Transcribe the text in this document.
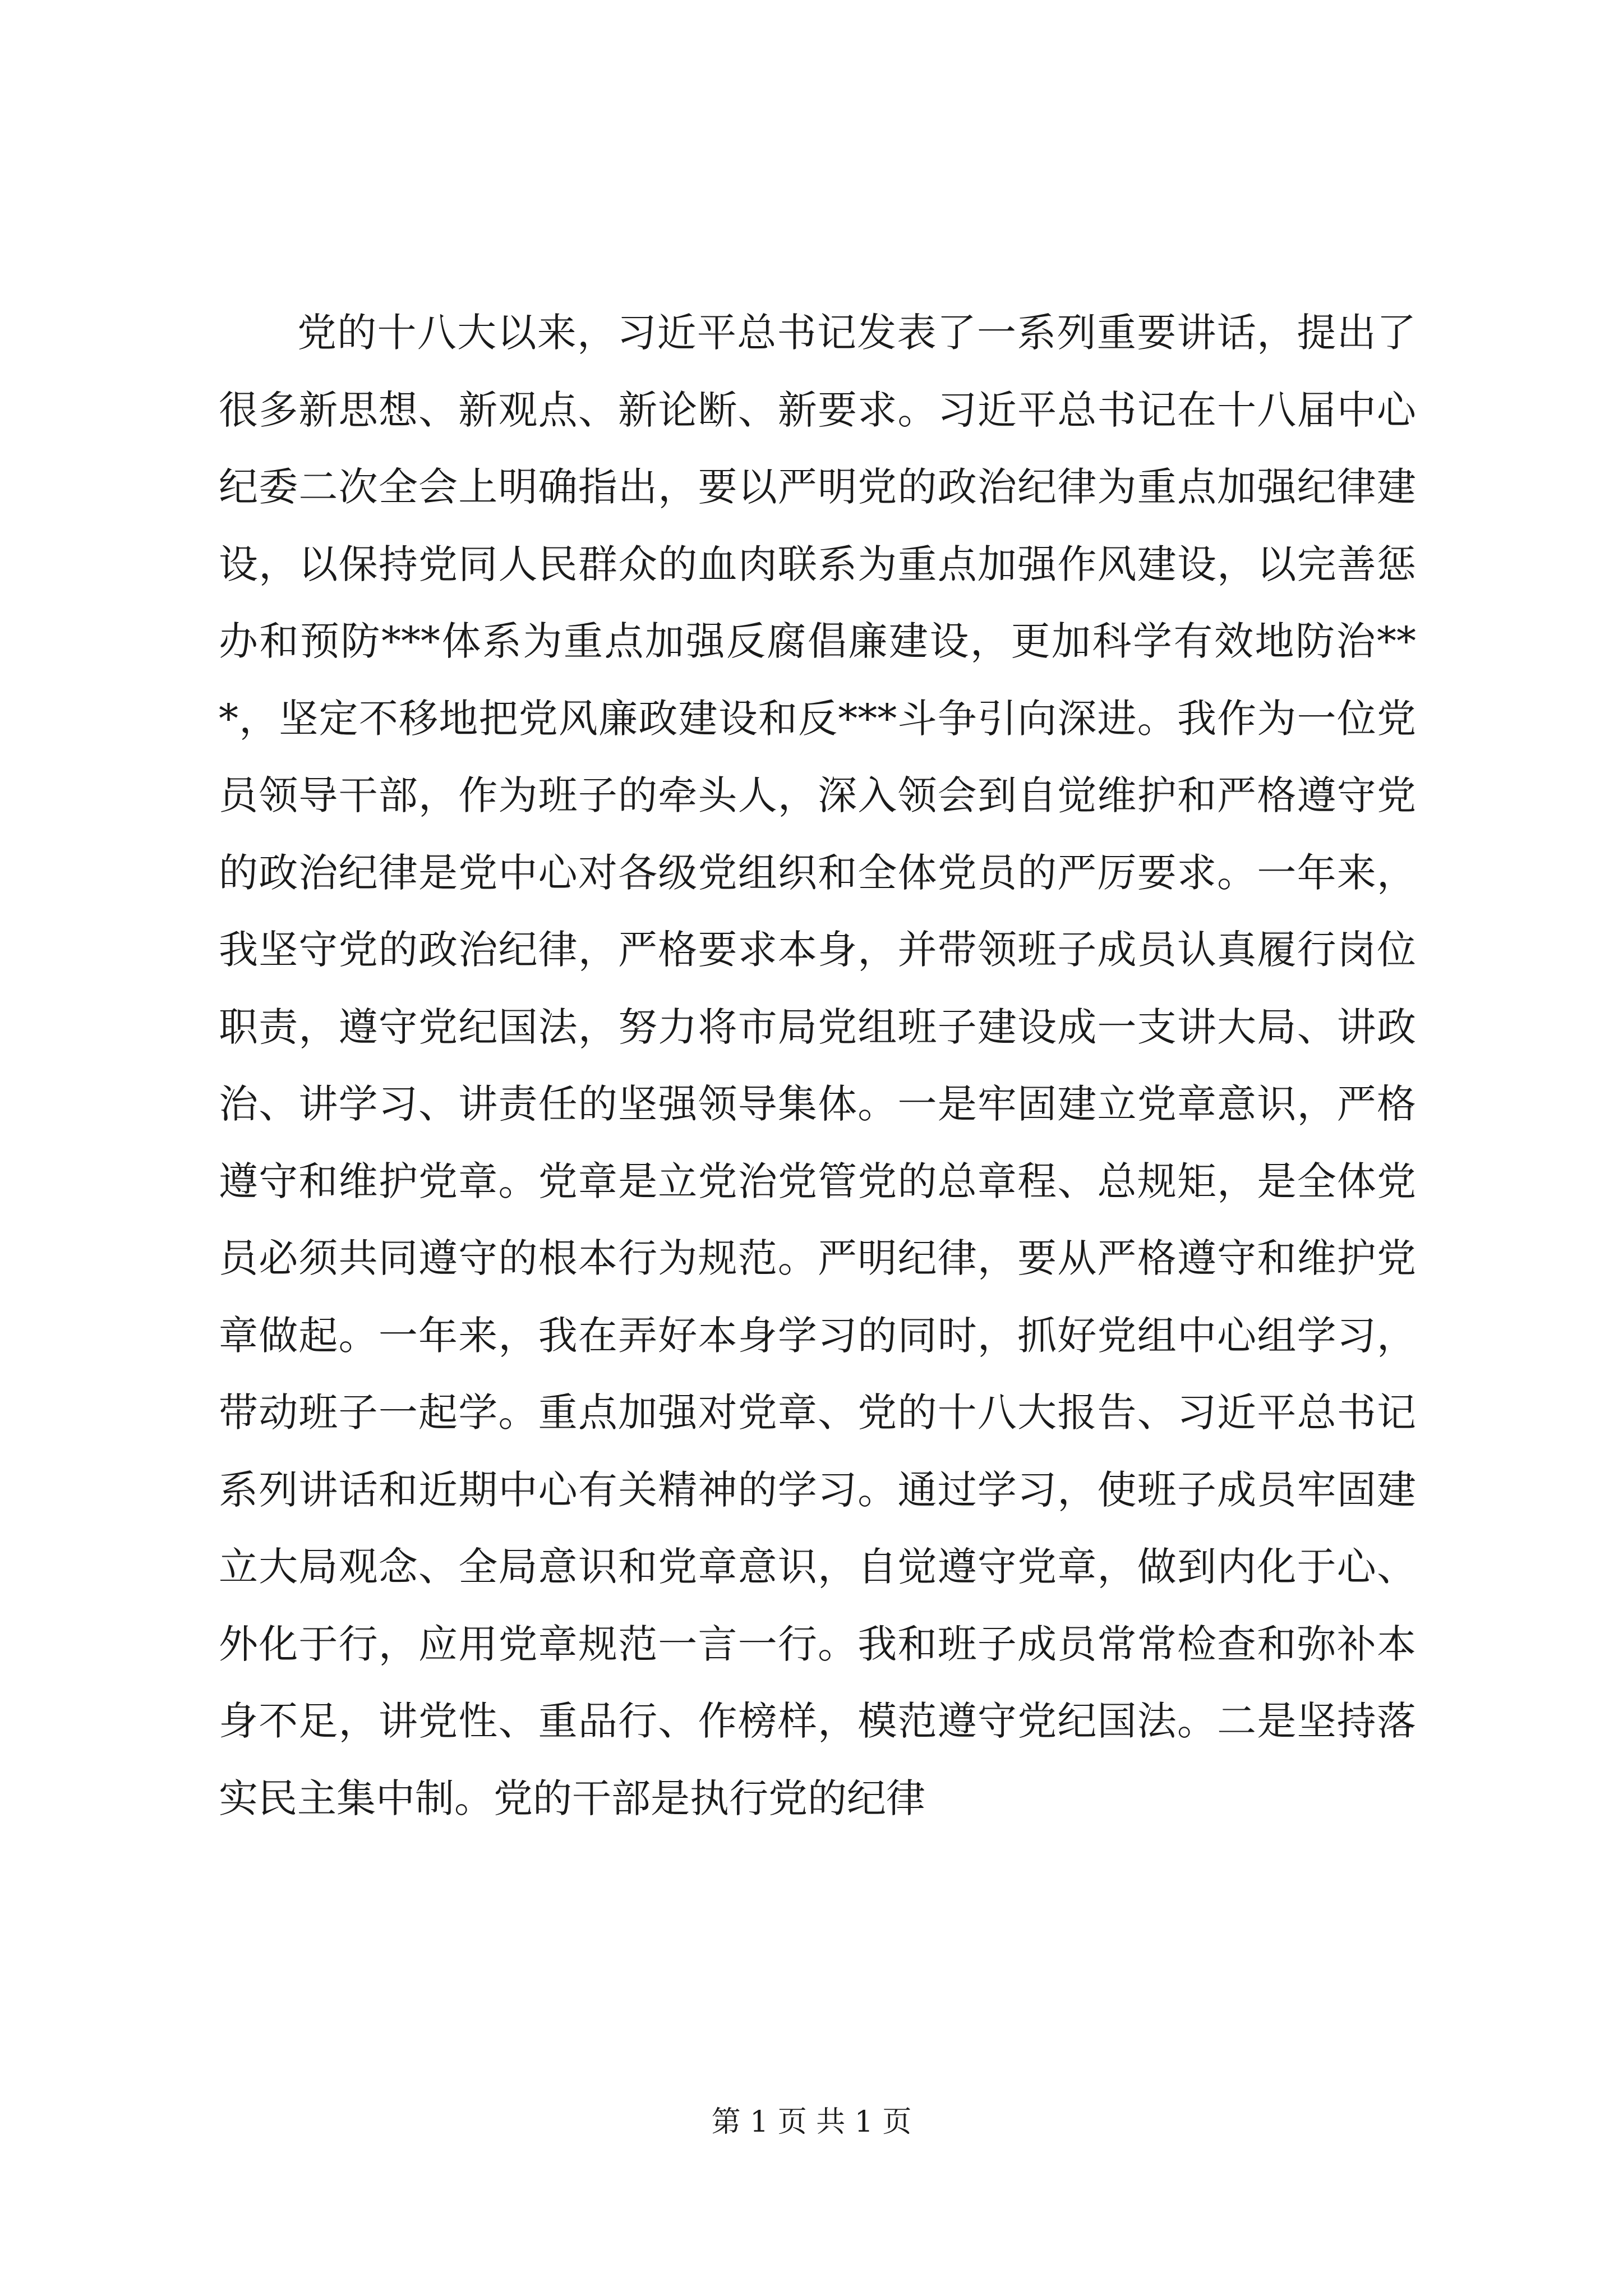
党的十八大以来，习近平总书记发表了一系列重要讲话，提出了很多新思想、新观点、新论断、新要求。习近平总书记在十八届中心纪委二次全会上明确指出，要以严明党的政治纪律为重点加强纪律建设，以保持党同人民群众的血肉联系为重点加强作风建设，以完善惩办和预防***体系为重点加强反腐倡廉建设，更加科学有效地防治***，坚定不移地把党风廉政建设和反***斗争引向深进。我作为一位党员领导干部，作为班子的牵头人，深入领会到自觉维护和严格遵守党的政治纪律是党中心对各级党组织和全体党员的严厉要求。一年来，我坚守党的政治纪律，严格要求本身，并带领班子成员认真履行岗位职责，遵守党纪国法，努力将市局党组班子建设成一支讲大局、讲政治、讲学习、讲责任的坚强领导集体。一是牢固建立党章意识，严格遵守和维护党章。党章是立党治党管党的总章程、总规矩，是全体党员必须共同遵守的根本行为规范。严明纪律，要从严格遵守和维护党章做起。一年来，我在弄好本身学习的同时，抓好党组中心组学习，带动班子一起学。重点加强对党章、党的十八大报告、习近平总书记系列讲话和近期中心有关精神的学习。通过学习，使班子成员牢固建立大局观念、全局意识和党章意识，自觉遵守党章，做到内化于心、外化于行，应用党章规范一言一行。我和班子成员常常检查和弥补本身不足，讲党性、重品行、作榜样，模范遵守党纪国法。二是坚持落实民主集中制。党的干部是执行党的纪律

第 1 页 共 1 页
